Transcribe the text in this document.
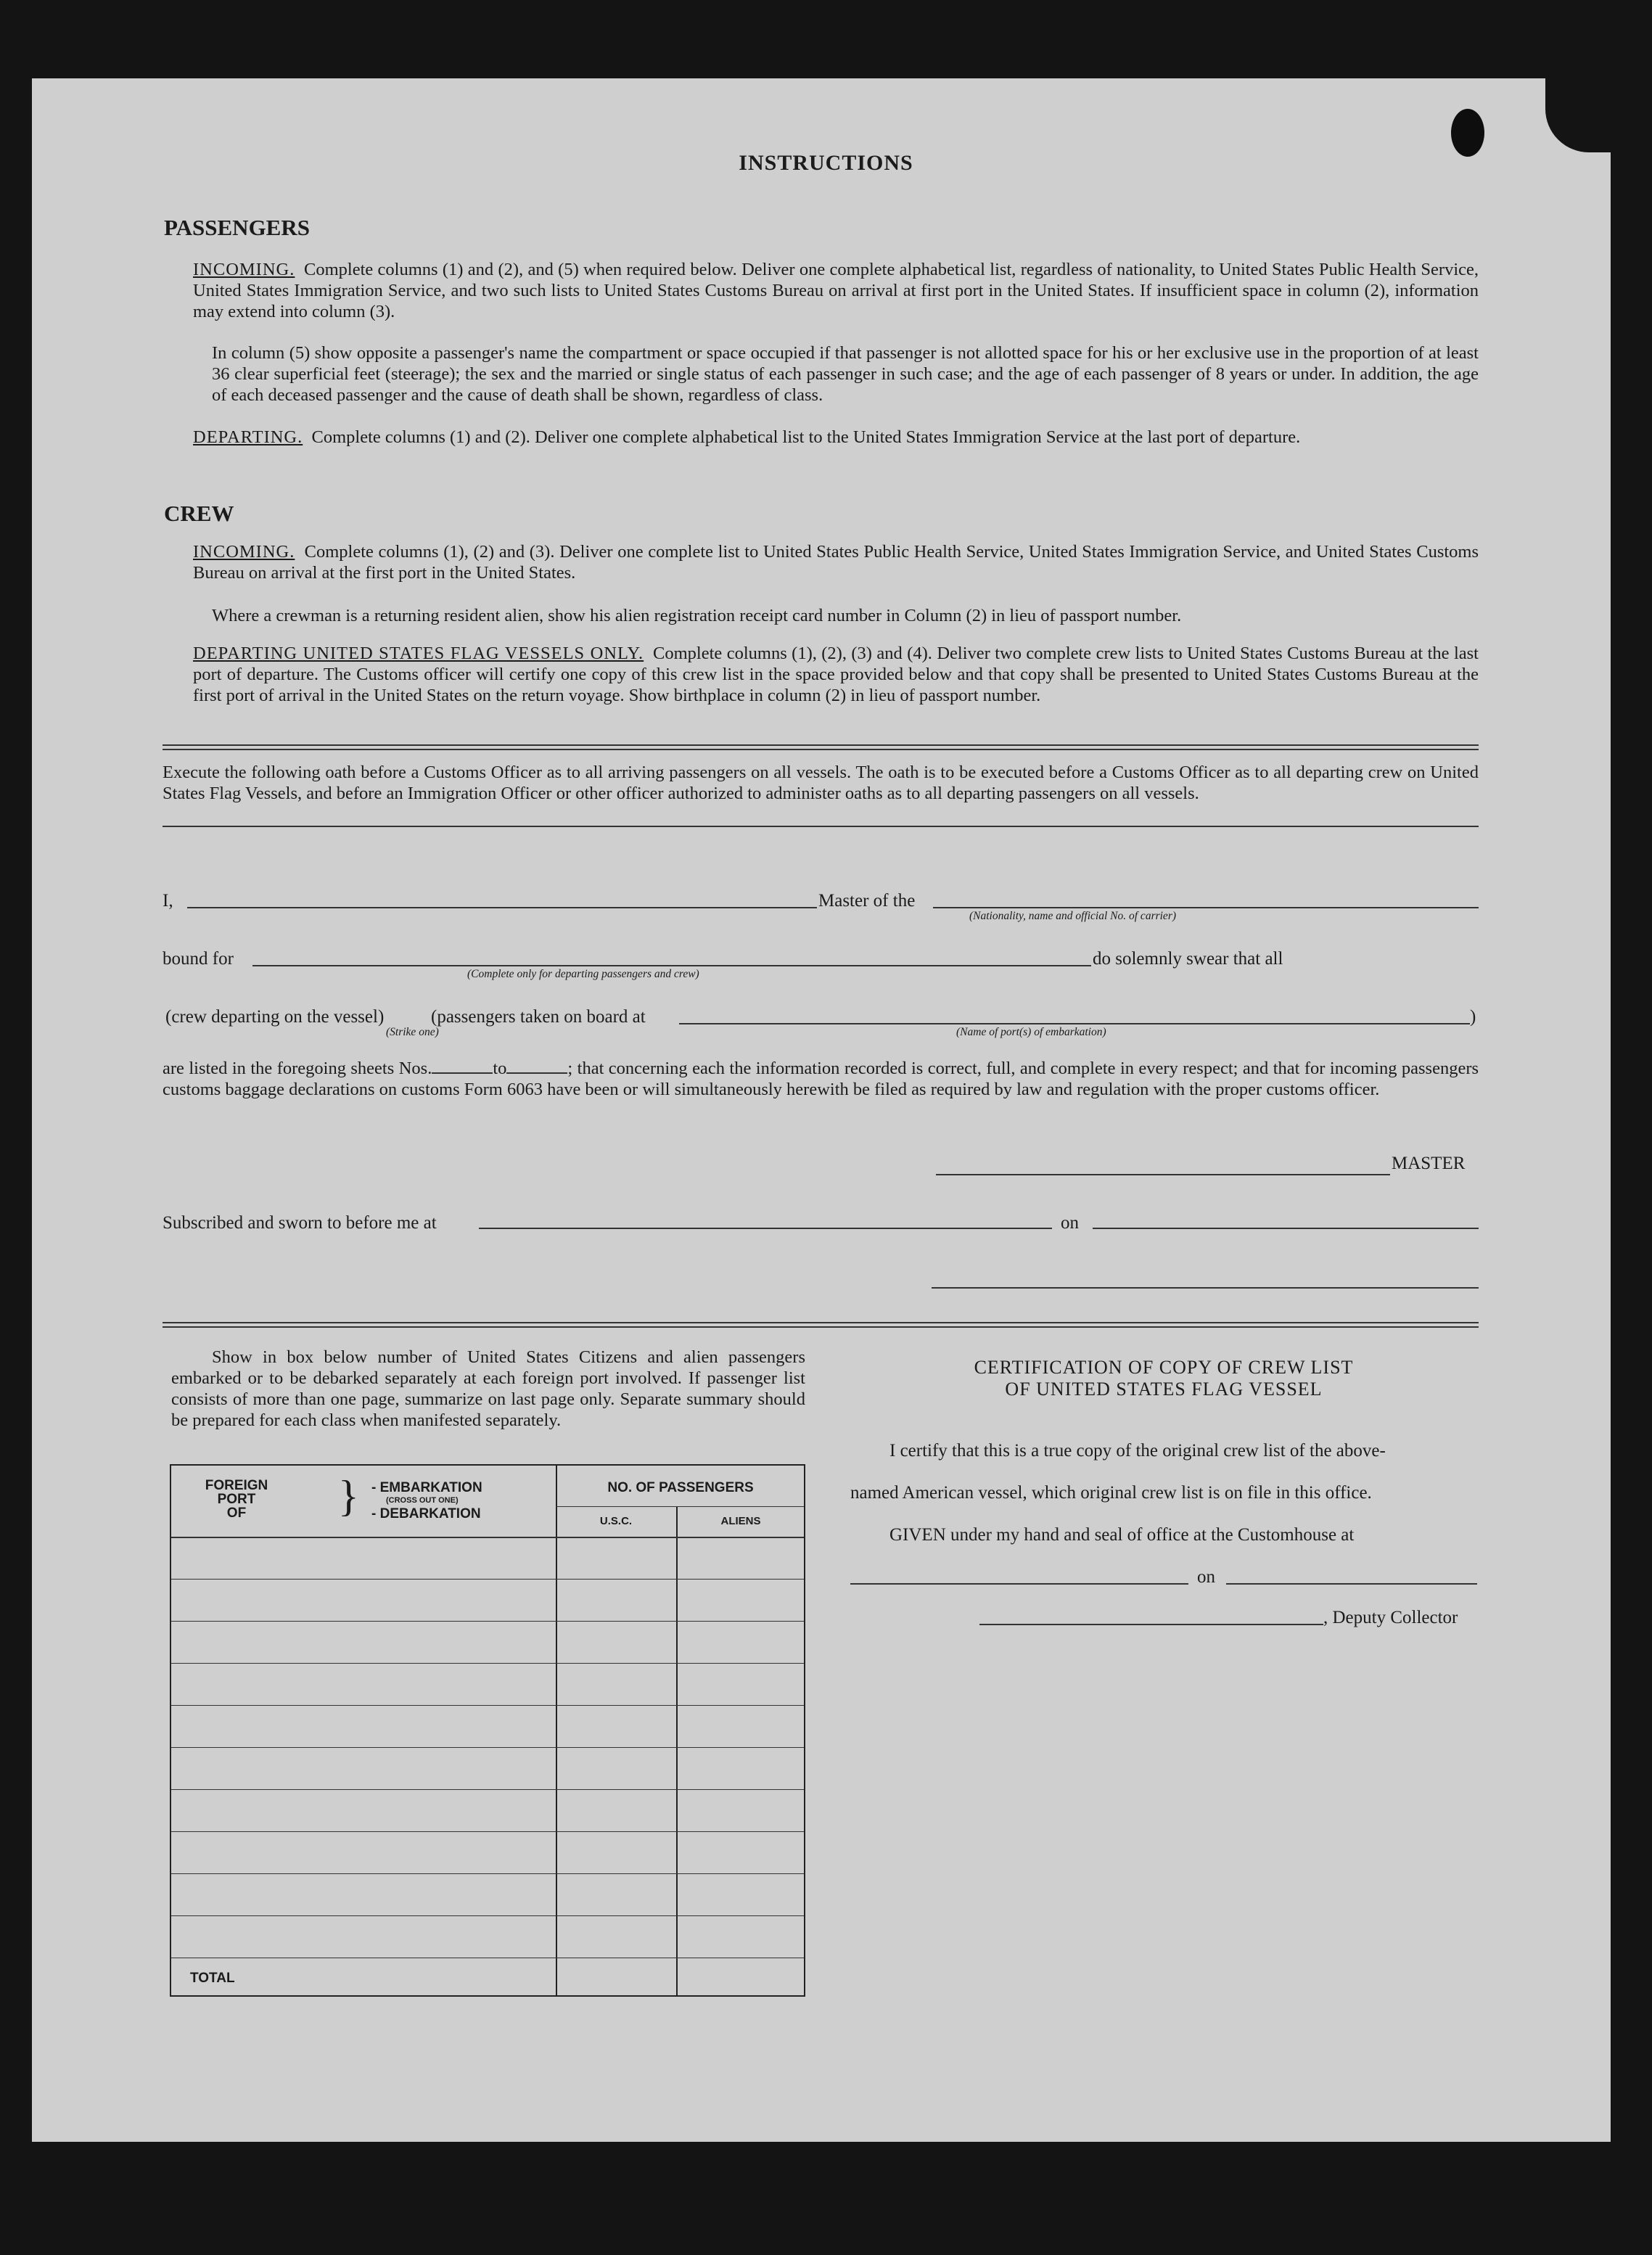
INSTRUCTIONS
PASSENGERS
INCOMING. Complete columns (1) and (2), and (5) when required below. Deliver one complete alphabetical list, regardless of nationality, to United States Public Health Service, United States Immigration Service, and two such lists to United States Customs Bureau on arrival at first port in the United States. If insufficient space in column (2), information may extend into column (3).
In column (5) show opposite a passenger's name the compartment or space occupied if that passenger is not allotted space for his or her exclusive use in the proportion of at least 36 clear superficial feet (steerage); the sex and the married or single status of each passenger in such case; and the age of each passenger of 8 years or under. In addition, the age of each deceased passenger and the cause of death shall be shown, regardless of class.
DEPARTING. Complete columns (1) and (2). Deliver one complete alphabetical list to the United States Immigration Service at the last port of departure.
CREW
INCOMING. Complete columns (1), (2) and (3). Deliver one complete list to United States Public Health Service, United States Immigration Service, and United States Customs Bureau on arrival at the first port in the United States.
Where a crewman is a returning resident alien, show his alien registration receipt card number in Column (2) in lieu of passport number.
DEPARTING UNITED STATES FLAG VESSELS ONLY. Complete columns (1), (2), (3) and (4). Deliver two complete crew lists to United States Customs Bureau at the last port of departure. The Customs officer will certify one copy of this crew list in the space provided below and that copy shall be presented to United States Customs Bureau at the first port of arrival in the United States on the return voyage. Show birthplace in column (2) in lieu of passport number.
Execute the following oath before a Customs Officer as to all arriving passengers on all vessels. The oath is to be executed before a Customs Officer as to all departing crew on United States Flag Vessels, and before an Immigration Officer or other officer authorized to administer oaths as to all departing passengers on all vessels.
I,	Master of the
(Nationality, name and official No. of carrier)
bound for
(Complete only for departing passengers and crew)
do solemnly swear that all
(crew departing on the vessel)	(passengers taken on board at
(Strike one)
)
(Name of port(s) of embarkation)
are listed in the foregoing sheets Nos.	to	; that concerning each the information recorded is correct, full, and complete in every respect; and that for incoming passengers customs baggage declarations on customs Form 6063 have been or will simultaneously herewith be filed as required by law and regulation with the proper customs officer.
MASTER
Subscribed and sworn to before me at	on
Show in box below number of United States Citizens and alien passengers embarked or to be debarked separately at each foreign port involved. If passenger list consists of more than one page, summarize on last page only. Separate summary should be prepared for each class when manifested separately.
FOREIGN
PORT
OF	} - EMBARKATION
(CROSS OUT ONE)
- DEBARKATION
NO. OF PASSENGERS
U.S.C.	ALIENS
TOTAL
CERTIFICATION OF COPY OF CREW LIST
OF UNITED STATES FLAG VESSEL
I certify that this is a true copy of the original crew list of the above-
named American vessel, which original crew list is on file in this office.
GIVEN under my hand and seal of office at the Customhouse at
on
, Deputy Collector
